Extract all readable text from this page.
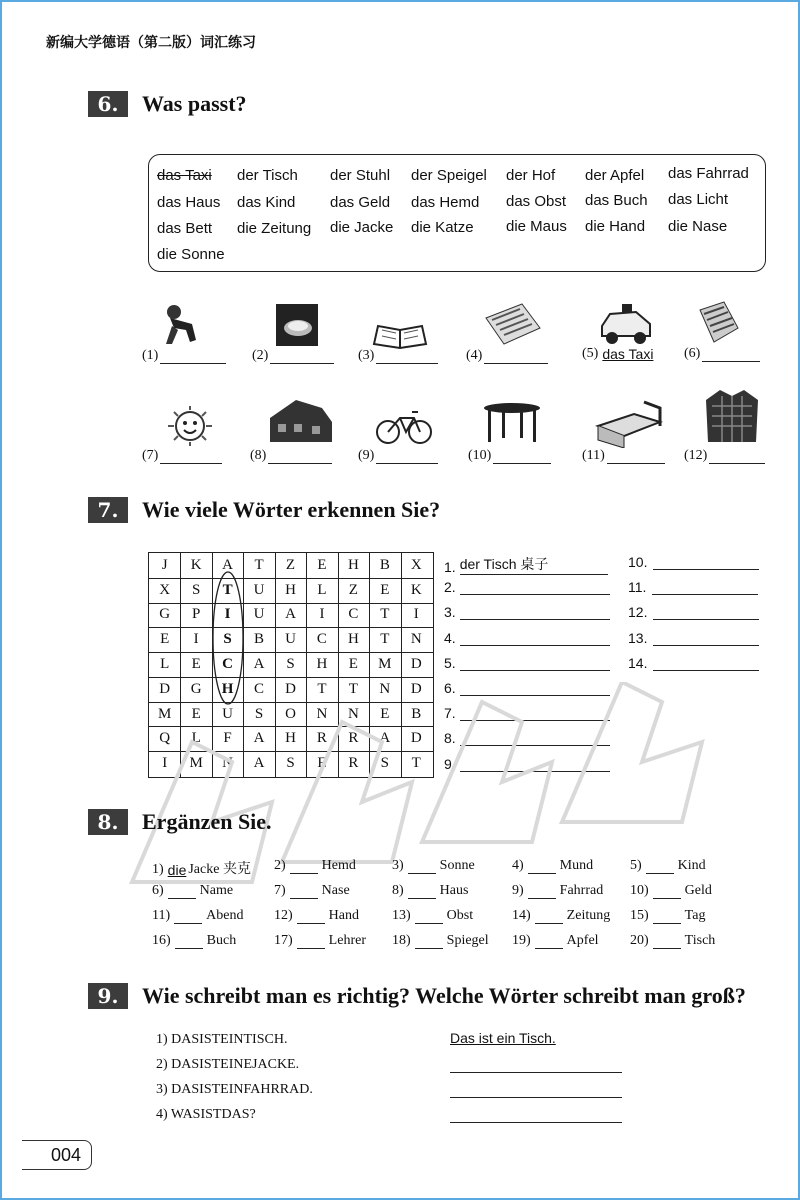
新编大学德语（第二版）词汇练习
6.	Was passt?
das Taxi der Tisch der Stuhl der Speigel der Hof der Apfel das Fahrrad
das Haus das Kind das Geld das Hemd das Obst das Buch das Licht
das Bett die Zeitung die Jacke die Katze die Maus die Hand die Nase
die Sonne
(1)	(2)	(3)	(4)	(5) das Taxi (6)
(7)	(8)	(9)	(10)	(11)	(12)
7.	Wie viele Wörter erkennen Sie?
J	K	A	T	Z	E	H	B	X
X	S	T	U	H	L	Z	E	K
G	P	I	U	A	I	C	T	I
E	I	S	B	U	C	H	T	N
L	E	C	A	S	H	E	M	D
D	G	H	C	D	T	T	N	D
M	E	U	S	O	N	N	E	B
Q	L	F	A	H	R	R	A	D
I	M	N	A	S	E	R	S	T
1. der Tisch 桌子
2.
3.
4.
5.
6.
7.
8.
9.
10.
11.
12.
13.
14.
8.	Ergänzen Sie.
1) die Jacke 夹克 2)	Hemd	3)	Sonne	4)	Mund	5)	Kind
6)	Name	7)	Nase	8)	Haus	9)	Fahrrad 10)	Geld
11)	Abend 12)	Hand 13)	Obst	14)	Zeitung 15)	Tag
16)	Buch	17)	Lehrer 18)	Spiegel 19)	Apfel 20)	Tisch
9.	Wie schreibt man es richtig? Welche Wörter schreibt man groß?
1) DASISTEINTISCH.	Das ist ein Tisch.
2) DASISTEINEJACKE.
3) DASISTEINFAHRRAD.
4) WASISTDAS?
004
